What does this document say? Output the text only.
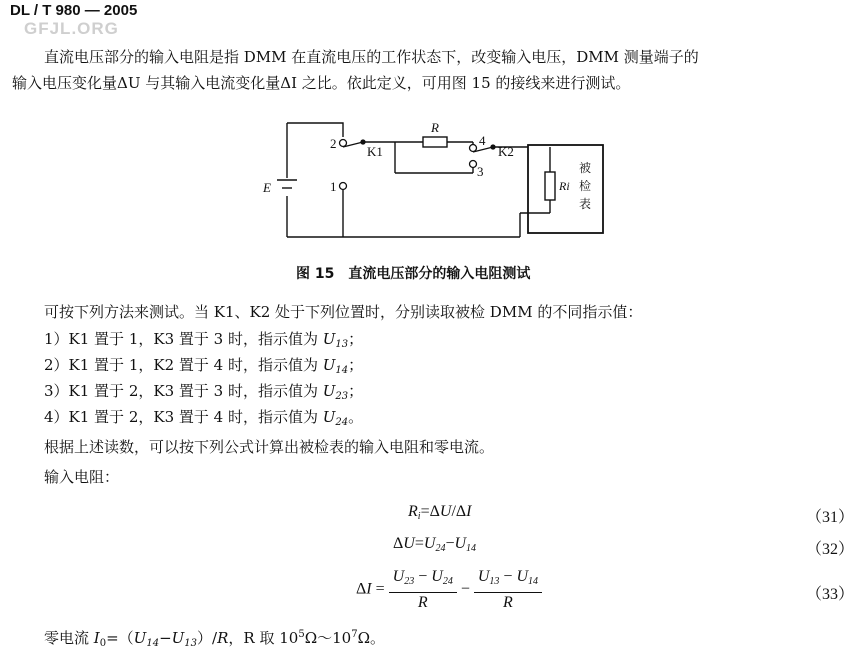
DL / T 980 — 2005
GFJL.ORG
直流电压部分的输入电阻是指 DMM 在直流电压的工作状态下，改变输入电压，DMM 测量端子的
输入电压变化量ΔU 与其输入电流变化量ΔI 之比。依此定义，可用图 15 的接线来进行测试。
R
K1	K2
E
2
1
4
3
Ri
被
检
表
图 15　直流电压部分的输入电阻测试
可按下列方法来测试。当 K1、K2 处于下列位置时，分别读取被检 DMM 的不同指示值：
1）K1 置于 1，K3 置于 3 时，指示值为 $U_{13}$；
2）K1 置于 1，K2 置于 4 时，指示值为 $U_{14}$；
3）K1 置于 2，K3 置于 3 时，指示值为 $U_{23}$；
4）K1 置于 2，K3 置于 4 时，指示值为 $U_{24}$。
根据上述读数，可以按下列公式计算出被检表的输入电阻和零电流。
输入电阻：
$R_i=\Delta U/\Delta I$	（31）
$\Delta U=U_{24}-U_{14}$	（32）
$\Delta I = \frac{U_{23} - U_{24}}{R} - \frac{U_{13} - U_{14}}{R}$	（33）
零电流 $I_0=(U_{14}-U_{13})/R$，R 取 $10^5\Omega\sim 10^7\Omega$。
